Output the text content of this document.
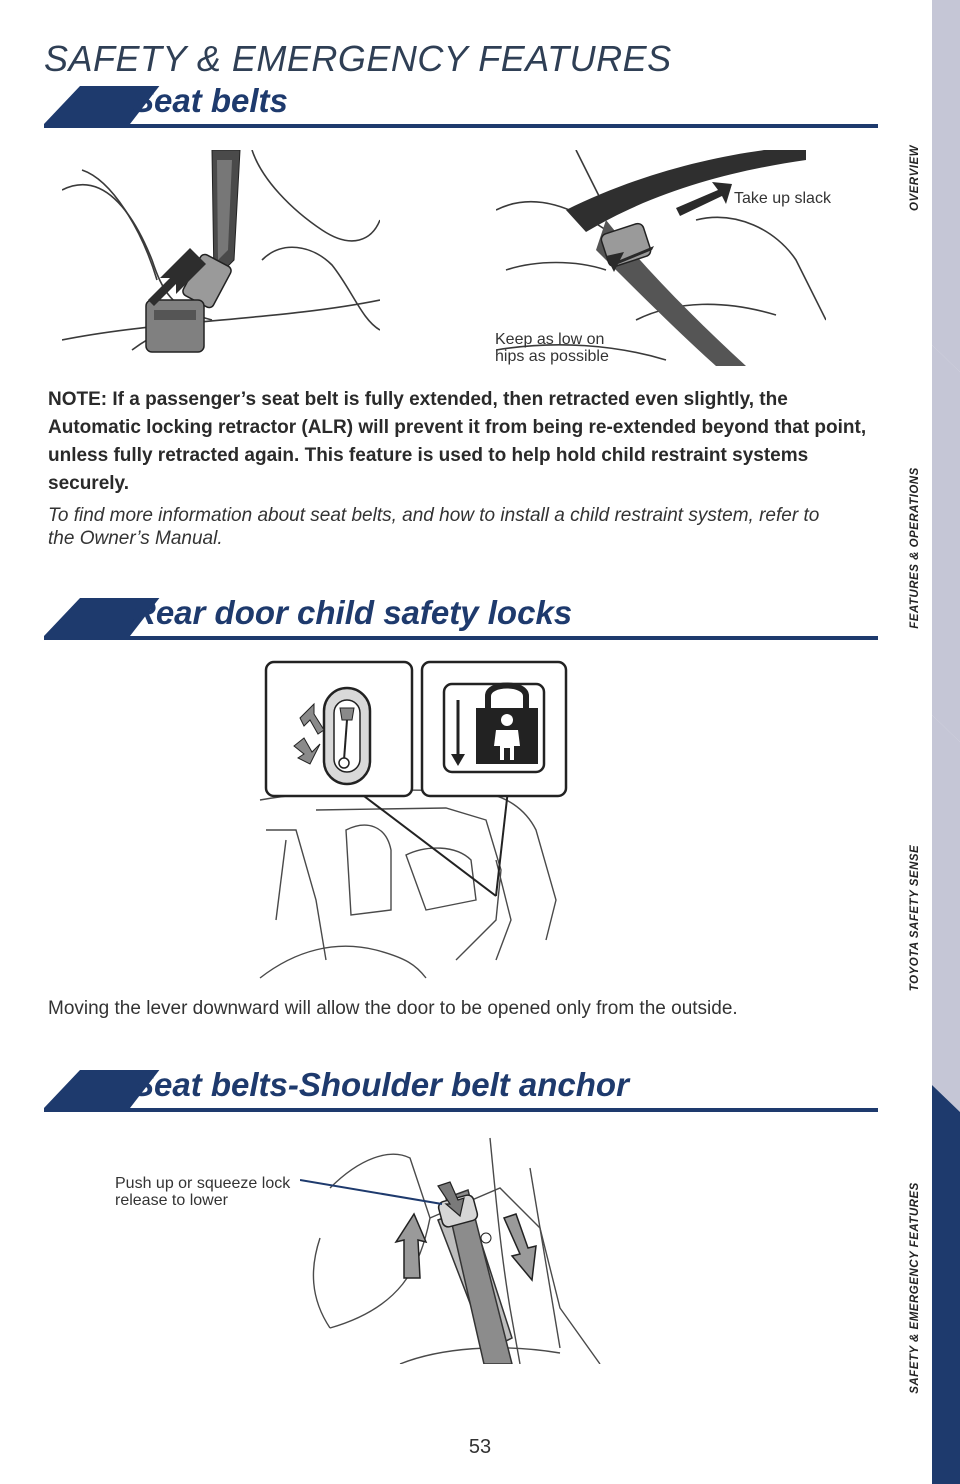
SAFETY & EMERGENCY FEATURES
Seat belts
Take up slack
Keep as low on
hips as possible

NOTE: If a passenger’s seat belt is fully extended, then retracted even slightly, the Automatic locking retractor (ALR) will prevent it from being re-extended beyond that point, unless fully retracted again. This feature is used to help hold child restraint systems securely.

To find more information about seat belts, and how to install a child restraint system, refer to the Owner’s Manual.

Rear door child safety locks

Moving the lever downward will allow the door to be opened only from the outside.

Seat belts-Shoulder belt anchor
Push up or squeeze lock
release to lower

53

OVERVIEW
FEATURES & OPERATIONS
TOYOTA SAFETY SENSE
SAFETY & EMERGENCY FEATURES
